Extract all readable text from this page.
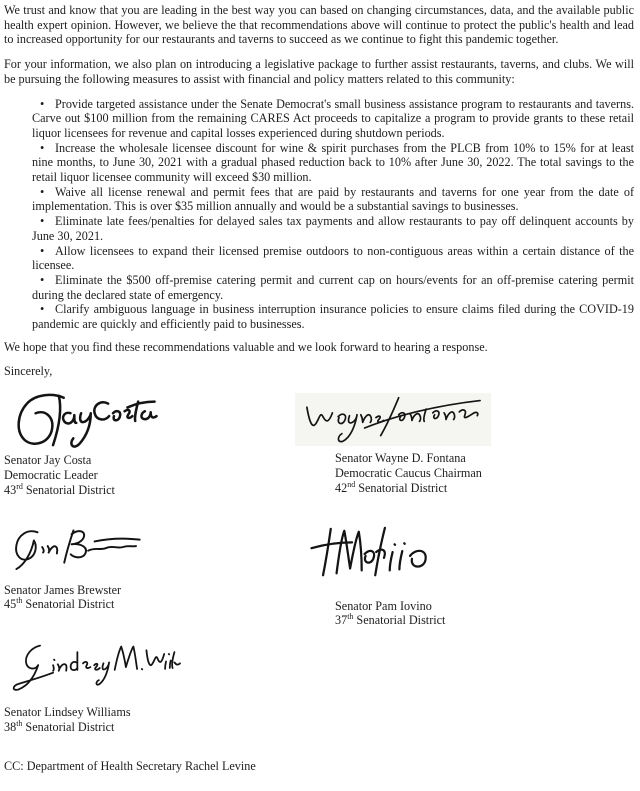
We trust and know that you are leading in the best way you can based on changing circumstances, data, and the available public health expert opinion. However, we believe the that recommendations above will continue to protect the public's health and lead to increased opportunity for our restaurants and taverns to succeed as we continue to fight this pandemic together.

For your information, we also plan on introducing a legislative package to further assist restaurants, taverns, and clubs. We will be pursuing the following measures to assist with financial and policy matters related to this community:

•Provide targeted assistance under the Senate Democrat's small business assistance program to restaurants and taverns. Carve out $100 million from the remaining CARES Act proceeds to capitalize a program to provide grants to these retail liquor licensees for revenue and capital losses experienced during shutdown periods.

•Increase the wholesale licensee discount for wine & spirit purchases from the PLCB from 10% to 15% for at least nine months, to June 30, 2021 with a gradual phased reduction back to 10% after June 30, 2022. The total savings to the retail liquor licensee community will exceed $30 million.

•Waive all license renewal and permit fees that are paid by restaurants and taverns for one year from the date of implementation. This is over $35 million annually and would be a substantial savings to businesses.

•Eliminate late fees/penalties for delayed sales tax payments and allow restaurants to pay off delinquent accounts by June 30, 2021.

•Allow licensees to expand their licensed premise outdoors to non-contiguous areas within a certain distance of the licensee.

•Eliminate the $500 off-premise catering permit and current cap on hours/events for an off-premise catering permit during the declared state of emergency.

•Clarify ambiguous language in business interruption insurance policies to ensure claims filed during the COVID-19 pandemic are quickly and efficiently paid to businesses.

We hope that you find these recommendations valuable and we look forward to hearing a response.

Sincerely,

Senator Jay Costa

Democratic Leader

43rd Senatorial District

Senator Wayne D. Fontana

Democratic Caucus Chairman

42nd Senatorial District

Senator James Brewster

45th Senatorial District	Senator Pam Iovino

37th Senatorial District

Senator Lindsey Williams

38th Senatorial District

CC: Department of Health Secretary Rachel Levine
